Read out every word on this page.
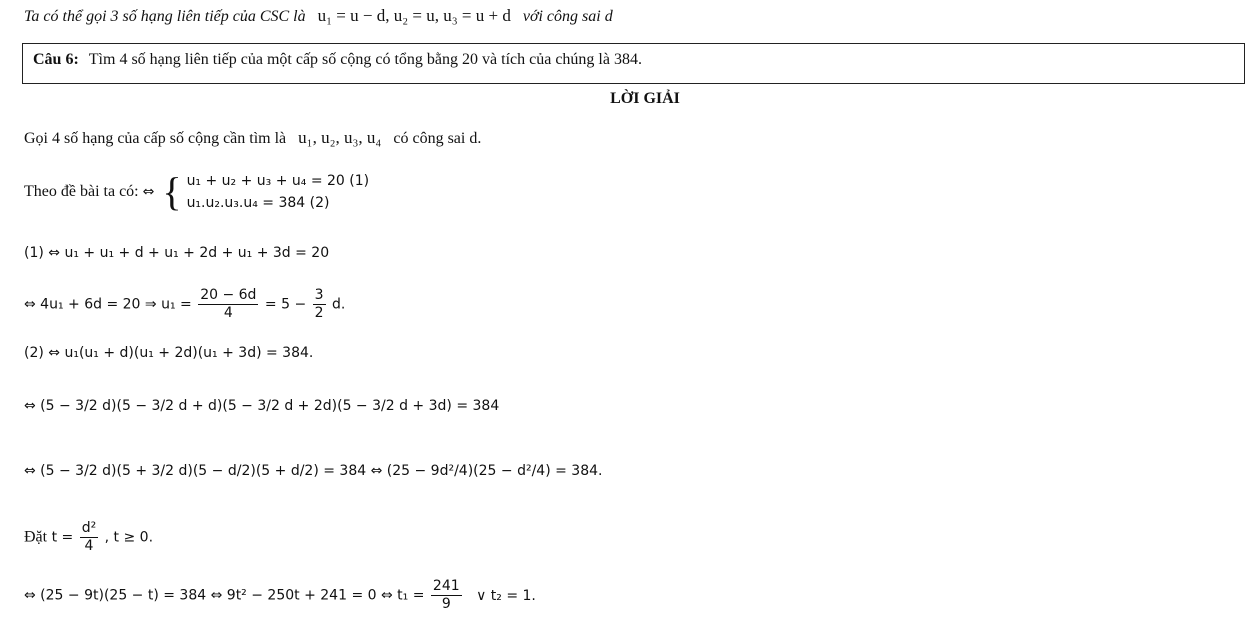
Ta có thể gọi 3 số hạng liên tiếp của CSC là u₁ = u − d, u₂ = u, u₃ = u + d với công sai d
Câu 6: Tìm 4 số hạng liên tiếp của một cấp số cộng có tổng bằng 20 và tích của chúng là 384.
LỜI GIẢI
Gọi 4 số hạng của cấp số cộng cần tìm là u₁, u₂, u₃, u₄ có công sai d.
Theo đề bài ta có: ⇔ { u₁ + u₂ + u₃ + u₄ = 20 (1)
u₁.u₂.u₃.u₄ = 384 (2)
(1) ⇔ u₁ + u₁ + d + u₁ + 2d + u₁ + 3d = 20
⇔ 4u₁ + 6d = 20 ⇒ $u_1 = \frac{20 - 6d}{4} = 5 - \frac{3}{2} d$.
(2) ⇔ u₁(u₁ + d)(u₁ + 2d)(u₁ + 3d) = 384.
⇔ (5 − 3/2 d)(5 − 3/2 d + d)(5 − 3/2 d + 2d)(5 − 3/2 d + 3d) = 384
⇔ (5 − 3/2 d)(5 + 3/2 d)(5 − d/2)(5 + d/2) = 384 ⇔ (25 − 9d²/4)(25 − d²/4) = 384.
Đặt $t = \frac{\text{d²}}{4}$ , t ≥ 0.
⇔ (25 − 9t)(25 − t) = 384 ⇔ 9t² − 250t + 241 = 0 ⇔ $t_1 = \frac{241}{9}$ ∨ t₂ = 1.
